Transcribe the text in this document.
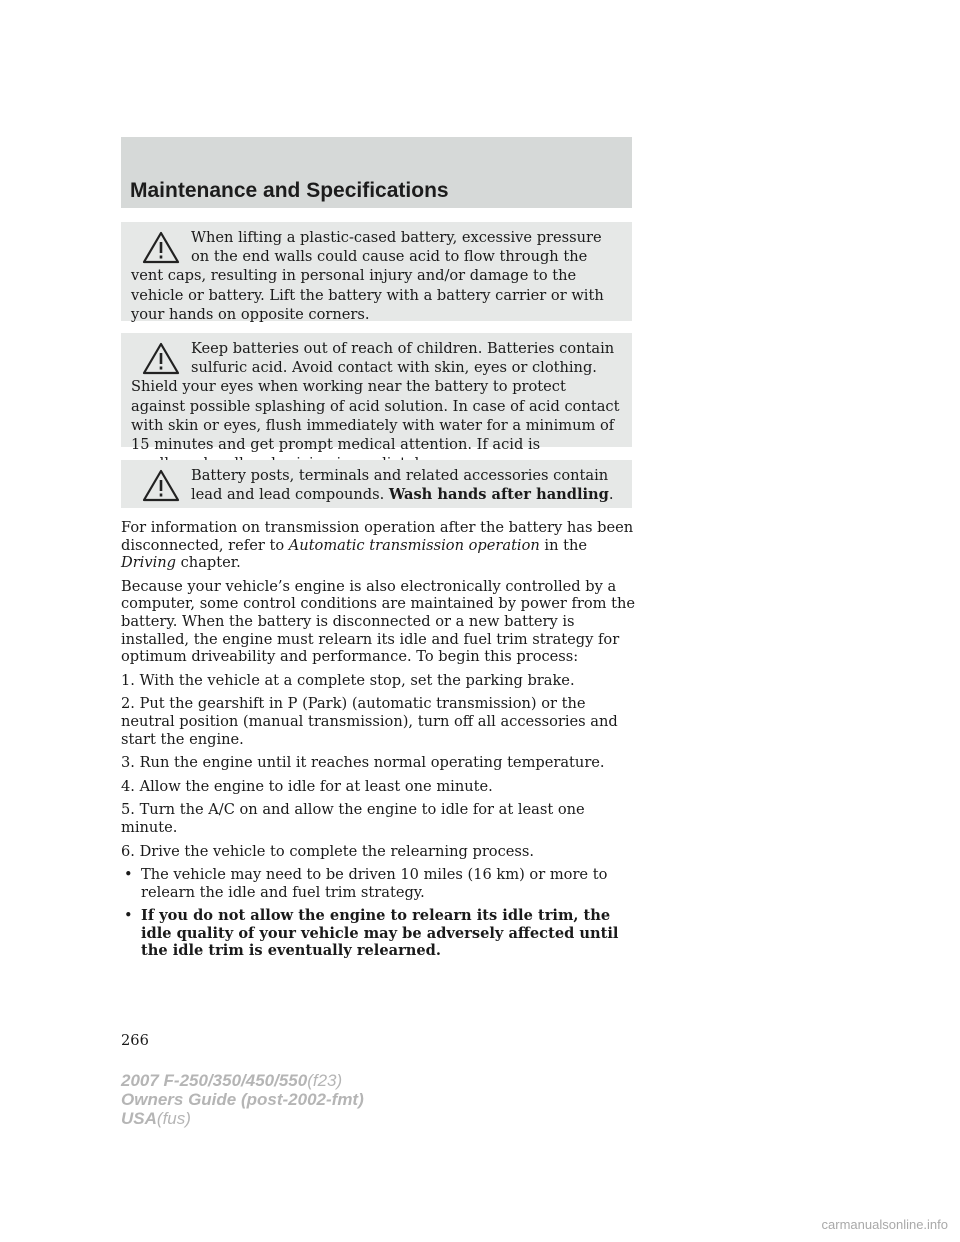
Maintenance and Specifications

When lifting a plastic-cased battery, excessive pressure on the end walls could cause acid to flow through the vent caps, resulting in personal injury and/or damage to the vehicle or battery. Lift the battery with a battery carrier or with your hands on opposite corners.

Keep batteries out of reach of children. Batteries contain sulfuric acid. Avoid contact with skin, eyes or clothing. Shield your eyes when working near the battery to protect against possible splashing of acid solution. In case of acid contact with skin or eyes, flush immediately with water for a minimum of 15 minutes and get prompt medical attention. If acid is

Battery posts, terminals and related accessories contain lead and lead compounds. Wash hands after handling.

For information on transmission operation after the battery has been disconnected, refer to Automatic transmission operation in the Driving chapter.

Because your vehicle’s engine is also electronically controlled by a computer, some control conditions are maintained by power from the battery. When the battery is disconnected or a new battery is installed, the engine must relearn its idle and fuel trim strategy for optimum driveability and performance. To begin this process:

1. With the vehicle at a complete stop, set the parking brake.

2. Put the gearshift in P (Park) (automatic transmission) or the neutral position (manual transmission), turn off all accessories and start the engine.

3. Run the engine until it reaches normal operating temperature.

4. Allow the engine to idle for at least one minute.

5. Turn the A/C on and allow the engine to idle for at least one minute.

6. Drive the vehicle to complete the relearning process.

• The vehicle may need to be driven 10 miles (16 km) or more to relearn the idle and fuel trim strategy.
• If you do not allow the engine to relearn its idle trim, the idle quality of your vehicle may be adversely affected until the idle trim is eventually relearned.
266
2007 F-250/350/450/550(f23)
Owners Guide (post-2002-fmt)
USA(fus)
carmanualsonline.info
